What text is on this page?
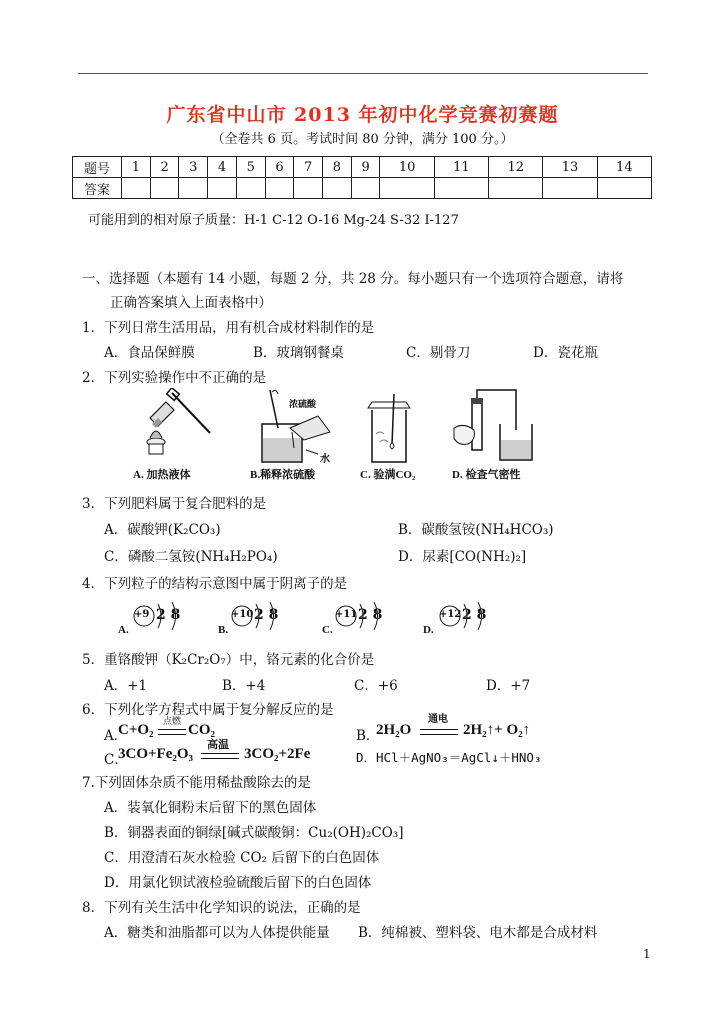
广东省中山市 2013 年初中化学竞赛初赛题
（全卷共 6 页。考试时间 80 分钟，满分 100 分。）
题号	1	2	3	4	5	6	7	8	9	10	11	12	13	14
答案														
可能用到的相对原子质量：H-1 C-12 O-16 Mg-24 S-32 I-127
一、选择题（本题有 14 小题，每题 2 分，共 28 分。每小题只有一个选项符合题意，请将
正确答案填入上面表格中）
1．下列日常生活用品，用有机合成材料制作的是
A．食品保鲜膜	B．玻璃钢餐桌	C．剔骨刀	D．瓷花瓶
2．下列实验操作中不正确的是
A. 加热液体
浓硫酸
水
B.稀释浓硫酸	C. 验满CO₂	D. 检查气密性
3．下列肥料属于复合肥料的是
A．碳酸钾(K₂CO₃)	B．碳酸氢铵(NH₄HCO₃)
C．磷酸二氢铵(NH₄H₂PO₄)	D．尿素[CO(NH₂)₂]
4．下列粒子的结构示意图中属于阴离子的是
+9 2 8
A.
+10 2 8
B.
+11 2 8
C.
+12 2 8
D.
5．重铬酸钾（K₂Cr₂O₇）中，铬元素的化合价是
A．+1	B．+4	C．+6	D．+7
6．下列化学方程式中属于复分解反应的是
A．
C+O₂ 点燃 CO₂	B．
2H₂O
通电
2H₂↑+ O₂↑
C．
3CO+Fe₂O₃
高温
3CO₂+2Fe	D．HCl＋AgNO₃＝AgCl↓＋HNO₃
7.下列固体杂质不能用稀盐酸除去的是
A．装氧化铜粉末后留下的黑色固体
B．铜器表面的铜绿[碱式碳酸铜：Cu₂(OH)₂CO₃]
C．用澄清石灰水检验 CO₂ 后留下的白色固体
D．用氯化钡试液检验硫酸后留下的白色固体
8．下列有关生活中化学知识的说法，正确的是
A．糖类和油脂都可以为人体提供能量 B．纯棉被、塑料袋、电木都是合成材料
1
